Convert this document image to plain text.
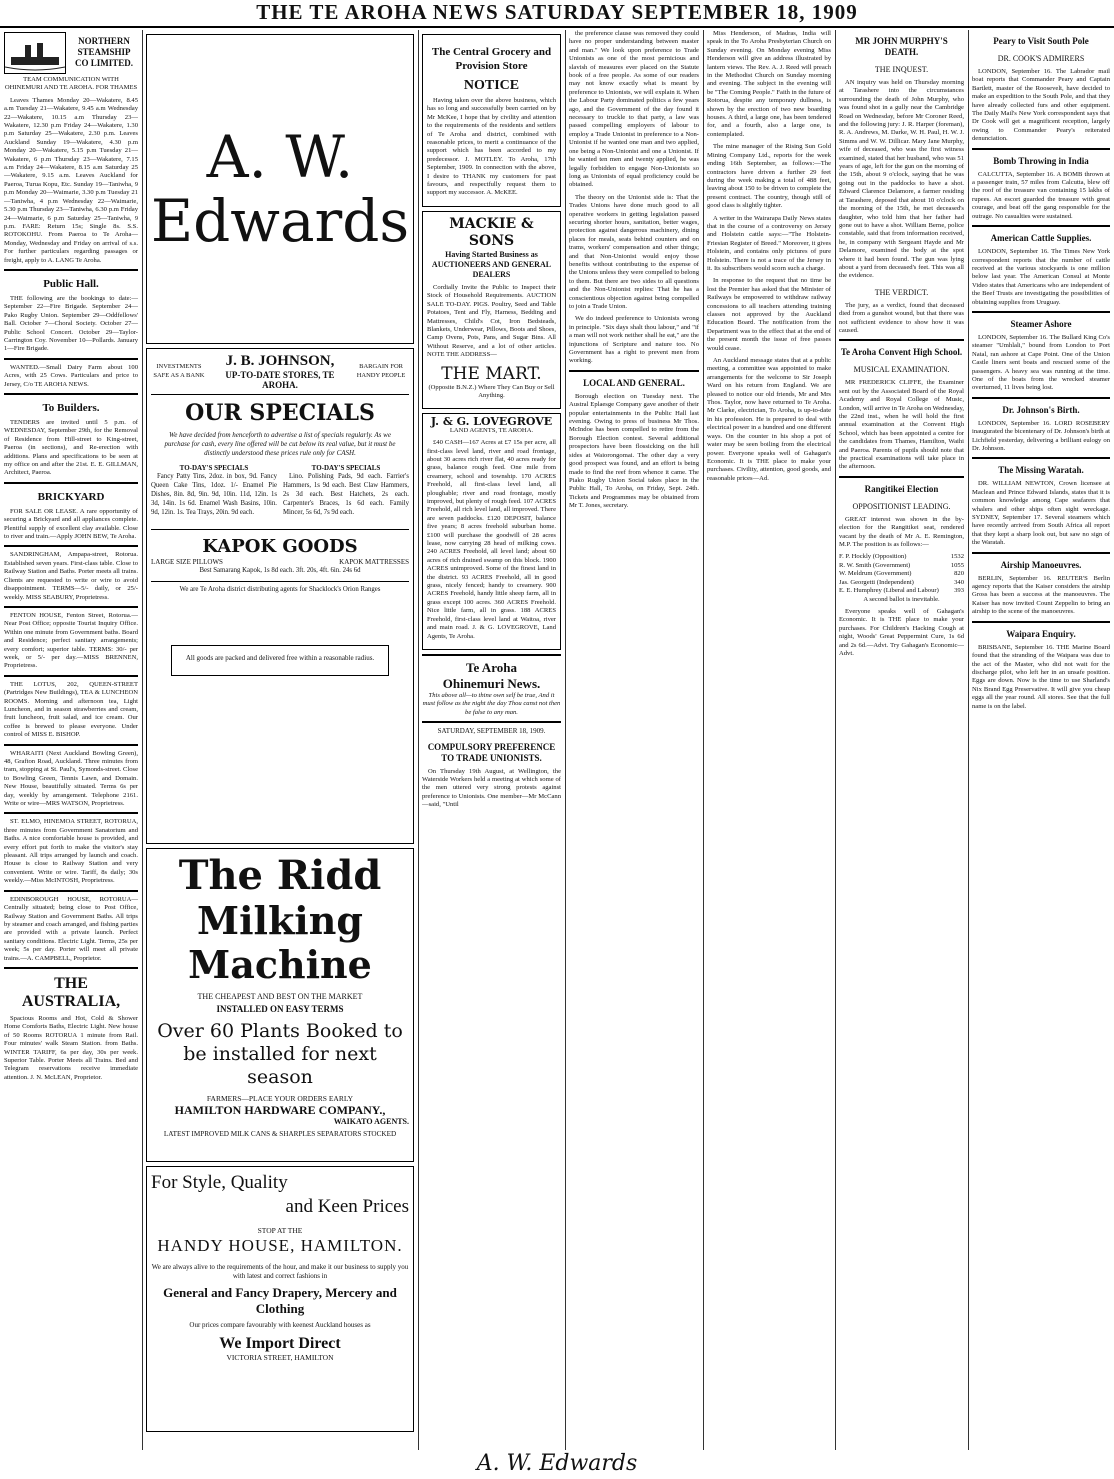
THE TE AROHA NEWS SATURDAY SEPTEMBER 18, 1909
NORTHERN STEAMSHIP CO LIMITED.

TEAM COMMUNICATION WITH OHINEMURI AND TE AROHA. FOR THAMES

Leaves Thames Monday 20—Wakatere, 8.45 a.m Tuesday 21—Wakatere, 9.45 a.m Wednesday 22—Wakatere, 10.15 a.m Thursday 23—Wakatere, 12.30 p.m Friday 24—Wakatere, 1.30 p.m Saturday 25—Wakatere, 2.30 p.m. Leaves Auckland Sunday 19—Wakatere, 4.30 p.m Monday 20—Wakatere, 5.15 p.m Tuesday 21—Wakatere, 6 p.m Thursday 23—Wakatere, 7.15 a.m Friday 24—Wakatere, 8.15 a.m Saturday 25—Wakatere, 9.15 a.m. Leaves Auckland for Paeroa, Turua Kopu, Etc. Sunday 19—Taniwha, 9 p.m Monday 20—Waimarie, 3.30 p.m Tuesday 21—Taniwha, 4 p.m Wednesday 22—Waimarie, 5.30 p.m Thursday 23—Taniwha, 6.30 p.m Friday 24—Waimarie, 6 p.m Saturday 25—Taniwha, 9 p.m. FARE: Return 15s; Single 8s. S.S. ROTOKOHU. From Paeroa to Te Aroha— Monday, Wednesday and Friday on arrival of s.s. For further particulars regarding passages or freight, apply to A. LANG Te Aroha.

Public Hall.

THE following are the bookings to date:— September 22—Fire Brigade. September 24—Pako Rugby Union. September 29—Oddfellows' Ball. October 7—Choral Society. October 27—Public School Concert. October 29—Taylor-Carrington Coy. November 10—Pollards. January 1—Fire Brigade.

WANTED.—Small Dairy Farm about 100 Acres, with 25 Cows. Particulars and price to Jersey, C/o TE AROHA NEWS.

To Builders.

TENDERS are invited until 5 p.m. of WEDNESDAY, September 29th, for the Removal of Residence from Hill-street to King-street, Paeroa (in sections), and Re-erection with additions. Plans and specifications to be seen at my office on and after the 21st. E. E. GILLMAN, Architect, Paeroa.

BRICKYARD

FOR SALE OR LEASE. A rare opportunity of securing a Brickyard and all appliances complete. Plentiful supply of excellent clay available. Close to river and train.—Apply JOHN BEW, Te Aroha.

SANDRINGHAM, Ampapa-street, Rotorua. Established seven years. First-class table. Close to Railway Station and Baths. Porter meets all trains. Clients are requested to write or wire to avoid disappointment. TERMS—5/- daily, or 25/- weekly. MISS SEABURY, Proprietress.

FENTON HOUSE, Fenton Street, Rotorua.—Near Post Office; opposite Tourist Inquiry Office. Within one minute from Government baths. Board and Residence; perfect sanitary arrangements; every comfort; superior table. TERMS: 30/- per week, or 5/- per day.—MISS BRENNEN, Proprietress.

THE LOTUS, 202, QUEEN-STREET (Partridges New Buildings), TEA & LUNCHEON ROOMS. Morning and afternoon tea, Light Luncheon, and in season strawberries and cream, fruit luncheon, fruit salad, and ice cream. Our coffee is brewed to please everyone. Under control of MISS E. BISHOP.

WHARAITI (Next Auckland Bowling Green), 48, Grafton Road, Auckland. Three minutes from tram, stopping at St. Paul's, Symonds-street. Close to Bowling Green, Tennis Lawn, and Domain. New House, beautifully situated. Terms 6s per day, weekly by arrangement. Telephone 2161. Write or wire—MRS WATSON, Proprietress.

ST. ELMO, HINEMOA STREET, ROTORUA, three minutes from Government Sanatorium and Baths. A nice comfortable house is provided, and every effort put forth to make the visitor's stay pleasant. All trips arranged by launch and coach. House is close to Railway Station and very convenient. Write or wire. Tariff, 8s daily; 30s weekly.—Miss McINTOSH, Proprietress.

EDINBOROUGH HOUSE, ROTORUA—Centrally situated; being close to Post Office, Railway Station and Government Baths. All trips by steamer and coach arranged, and fishing parties are provided with a private launch. Perfect sanitary conditions. Electric Light. Terms, 25s per week; 5s per day. Porter will meet all private trains.—A. CAMPBELL, Proprietor.

THE AUSTRALIA,

Spacious Rooms and Hot, Cold & Shower Home Comforts Baths, Electric Light. New house of 50 Rooms ROTORUA 1 minute from Rail. Four minutes' walk Steam Station. from Baths. WINTER TARIFF, 6s per day, 30s per week. Superior Table. Porter Meets all Trains. Bed and Telegram reservations receive immediate attention. J. N. McLEAN, Proprietor.

A. W.
Edwards
INVESTMENTS SAFE AS A BANK
J. B. JOHNSON,
UP-TO-DATE STORES, TE AROHA.
BARGAIN FOR HANDY PEOPLE
OUR SPECIALS

We have decided from henceforth to advertise a list of specials regularly. As we purchase for cash, every line offered will be cut below its real value, but it must be distinctly understood these prices rule only for CASH.

TO-DAY'S SPECIALS

Fancy Patty Tins, 2doz. in box, 9d. Fancy Queen Cake Tins, 1doz. 1/- Enamel Pie Dishes, 8in. 8d, 9in. 9d, 10in. 11d, 12in. 1s 3d, 14in. 1s 6d. Enamel Wash Basins, 10in. 9d, 12in. 1s. Tea Trays, 20in. 9d each.

TO-DAY'S SPECIALS

Lino. Polishing Pads, 9d each. Farrier's Hammers, 1s 9d each. Best Claw Hammers, 2s 3d each. Best Hatchets, 2s each. Carpenter's Braces, 1s 6d each. Family Mincer, 5s 6d, 7s 9d each.

KAPOK GOODS
LARGE SIZE PILLOWS	KAPOK MATTRESSES

Best Samarang Kapok, 1s 8d each. 3ft. 20s, 4ft. 6in. 24s 6d

We are Te Aroha district distributing agents for Shacklock's Orion Ranges

All goods are packed and delivered free within a reasonable radius.

The Ridd
Milking Machine
THE CHEAPEST AND BEST ON THE MARKET
INSTALLED ON EASY TERMS
Over 60 Plants Booked to be installed for next season
FARMERS—PLACE YOUR ORDERS EARLY
HAMILTON HARDWARE COMPANY.,
WAIKATO AGENTS.
LATEST IMPROVED MILK CANS & SHARPLES SEPARATORS STOCKED
For Style, Quality
and Keen Prices
STOP AT THE
HANDY HOUSE, HAMILTON.

We are always alive to the requirements of the hour, and make it our business to supply you with latest and correct fashions in

General and Fancy Drapery, Mercery and Clothing

Our prices compare favourably with keenest Auckland houses as

We Import Direct
VICTORIA STREET, HAMILTON
The Central Grocery and Provision Store
NOTICE

Having taken over the above business, which has so long and successfully been carried on by Mr McKee, I hope that by civility and attention to the requirements of the residents and settlers of Te Aroha and district, combined with reasonable prices, to merit a continuance of the support which has been accorded to my predecessor. J. MOTLEY. To Aroha, 17th September, 1909. In connection with the above, I desire to THANK my customers for past favours, and respectfully request them to support my successor. A. McKEE.

MACKIE & SONS

Having Started Business as AUCTIONEERS AND GENERAL DEALERS

Cordially Invite the Public to Inspect their Stock of Household Requirements. AUCTION SALE TO-DAY. PIGS. Poultry, Seed and Table Potatoes, Tent and Fly, Harness, Bedding and Mattresses, Child's Cot, Iron Bedsteads, Blankets, Underwear, Pillows, Boots and Shoes, Camp Ovens, Pots, Pans, and Sugar Bins. All Without Reserve, and a lot of other articles. NOTE THE ADDRESS—

THE MART.

(Opposite B.N.Z.) Where They Can Buy or Sell Anything.

J. & G. LOVEGROVE

LAND AGENTS, TE AROHA.

£40 CASH—167 Acres at £7 15s per acre, all first-class level land, river and road frontage, about 30 acres rich river flat, 40 acres ready for grass, balance rough feed. One mile from creamery, school and township. 170 ACRES Freehold, all first-class level land, all ploughable; river and road frontage, mostly improved, but plenty of rough feed. 107 ACRES Freehold, all rich level land, all improved. There are seven paddocks. £120 DEPOSIT, balance five years; 8 acres freehold suburban home. £100 will purchase the goodwill of 28 acres lease, now carrying 28 head of milking cows. 240 ACRES Freehold, all level land; about 60 acres of rich drained swamp on this block. 1900 ACRES unimproved. Some of the finest land in the district. 93 ACRES Freehold, all in good grass, nicely fenced; handy to creamery. 900 ACRES Freehold, handy little sheep farm, all in grass except 100 acres. 360 ACRES Freehold. Nice little farm, all in grass. 188 ACRES Freehold, first-class level land at Waitoa, river and main road. J. & G. LOVEGROVE, Land Agents, Te Aroha.

Te Aroha
Ohinemuri News.

This above all—to thine own self be true, And it must follow as the night the day Thou canst not then be false to any man.

SATURDAY, SEPTEMBER 18, 1909.
COMPULSORY PREFERENCE TO TRADE UNIONISTS.

On Thursday 19th August, at Wellington, the Waterside Workers held a meeting at which some of the men uttered very strong protests against preference to Unionists. One member—Mr McCann—said, "Until

the preference clause was removed they could have no proper understanding between master and man." We look upon preference to Trade Unionists as one of the most pernicious and slavish of measures ever placed on the Statute book of a free people. As some of our readers may not know exactly what is meant by preference to Unionists, we will explain it. When the Labour Party dominated politics a few years ago, and the Government of the day found it necessary to truckle to that party, a law was passed compelling employers of labour to employ a Trade Unionist in preference to a Non-Unionist if he wanted one man and two applied, one being a Non-Unionist and one a Unionist. If he wanted ten men and twenty applied, he was legally forbidden to engage Non-Unionists so long as Unionists of equal proficiency could be obtained.

The theory on the Unionist side is: That the Trades Unions have done much good to all operative workers in getting legislation passed securing shorter hours, sanitation, better wages, protection against dangerous machinery, dining places for meals, seats behind counters and on trams, workers' compensation and other things; and that Non-Unionist would enjoy those benefits without contributing to the expense of the Unions unless they were compelled to belong to them. But there are two sides to all questions and the Non-Unionist replies: That he has a conscientious objection against being compelled to join a Trade Union.

We do indeed preference to Unionists wrong in principle. "Six days shalt thou labour," and "if a man will not work neither shall he eat," are the injunctions of Scripture and nature too. No Government has a right to prevent men from working.

LOCAL AND GENERAL.

Borough election on Tuesday next. The Austral Eplaesge Company gave another of their popular entertainments in the Public Hall last evening. Owing to press of business Mr Thos. McIndoe has been compelled to retire from the Borough Election contest. Several additional prospectors have been flossicking on the hill sides at Waiorongomai. The other day a very good prospect was found, and an effort is being made to find the reef from whence it came. The Piako Rugby Union Social takes place in the Public Hall, To Aroha, on Friday, Sept. 24th. Tickets and Programmes may be obtained from Mr T. Jones, secretary.

Miss Henderson, of Madras, India will speak in the To Aroha Presbyterian Church on Sunday evening. On Monday evening Miss Henderson will give an address illustrated by lantern views. The Rev. A. J. Reed will preach in the Methodist Church on Sunday morning and evening. The subject in the evening will be "The Coming People." Faith in the future of Rotorua, despite any temporary dullness, is shown by the erection of two new boarding houses. A third, a large one, has been tendered for, and a fourth, also a large one, is contemplated.

The mine manager of the Rising Sun Gold Mining Company Ltd., reports for the week ending 16th September, as follows:—The contractors have driven a further 29 feet during the week making a total of 488 feet, leaving about 150 to be driven to complete the present contract. The country, though still of good class is slightly tighter.

A writer in the Wairarapa Daily News states that in the course of a controversy on Jersey and Holstein cattle says:—"The Holstein-Friesian Register of Breed." Moreover, it gives Holstein, and contains only pictures of pure Holstein. There is not a trace of the Jersey in it. Its subscribers would scorn such a charge.

In response to the request that no time be lost the Premier has asked that the Minister of Railways be empowered to withdraw railway concessions to all teachers attending training classes not approved by the Auckland Education Board. The notification from the Department was to the effect that at the end of the present month the issue of free passes would cease.

An Auckland message states that at a public meeting, a committee was appointed to make arrangements for the welcome to Sir Joseph Ward on his return from England. We are pleased to notice our old friends, Mr and Mrs Thos. Taylor, now have returned to Te Aroha. Mr Clarke, electrician, To Aroha, is up-to-date in his profession. He is prepared to deal with electrical power in a hundred and one different ways. On the counter in his shop a pot of water may be seen boiling from the electrical power. Everyone speaks well of Gahagan's Economic. It is THE place to make your purchases. Civility, attention, good goods, and reasonable prices—Ad.

MR JOHN MURPHY'S DEATH.
THE INQUEST.

AN inquiry was held on Thursday morning at Tarashere into the circumstances surrounding the death of John Murphy, who was found shot in a gully near the Cambridge Road on Wednesday, before Mr Coroner Reed, and the following jury: J. R. Harper (foreman), R. A. Andrews, M. Darke, W. H. Paul, H. W. J. Simms and W. W. Dillicar. Mary Jane Murphy, wife of deceased, who was the first witness examined, stated that her husband, who was 51 years of age, left for the gun on the morning of the 15th, about 9 o'clock, saying that he was going out in the paddocks to have a shot. Edward Clarence Delamore, a farmer residing at Tarashere, deposed that about 10 o'clock on the morning of the 15th, he met deceased's daughter, who told him that her father had gone out to have a shot. William Berne, police constable, said that from information received, he, in company with Sergeant Hayde and Mr Delamore, examined the body at the spot where it had been found. The gun was lying about a yard from deceased's feet. This was all the evidence.

THE VERDICT.

The jury, as a verdict, found that deceased died from a gunshot wound, but that there was not sufficient evidence to show how it was caused.

Te Aroha Convent High School.
MUSICAL EXAMINATION.

MR FREDERICK CLIFFE, the Examiner sent out by the Associated Board of the Royal Academy and Royal College of Music, London, will arrive in Te Aroha on Wednesday, the 22nd inst., when he will hold the first annual examination at the Convent High School, which has been appointed a centre for the candidates from Thames, Hamilton, Waihi and Paeroa. Parents of pupils should note that the practical examinations will take place in the afternoon.

Rangitikei Election
OPPOSITIONIST LEADING.

GREAT interest was shown in the by-election for the Rangitikei seat, rendered vacant by the death of Mr A. E. Remington, M.P. The position is as follows:—

F. P. Hockly (Opposition)	1532
R. W. Smith (Government)	1055
W. Meldrum (Government)	820
Jas. Georgetti (Independent)	340
E. E. Humphrey (Liberal and Labour) 393

A second ballot is inevitable.

Everyone speaks well of Gahagan's Economic. It is THE place to make your purchases. For Children's Hacking Cough at night, Woods' Great Peppermint Cure, 1s 6d and 2s 6d.—Advt. Try Gahagan's Economic—Advt.

Peary to Visit South Pole
DR. COOK'S ADMIRERS

LONDON, September 16. The Labrador mail boat reports that Commander Peary and Captain Bartlett, master of the Roosevelt, have decided to make an expedition to the South Pole, and that they have already collected furs and other equipment. The Daily Mail's New York correspondent says that Dr Cook will get a magnificent reception, largely owing to Commander Peary's reiterated denunciation.

Bomb Throwing in India

CALCUTTA, September 16. A BOMB thrown at a passenger train, 57 miles from Calcutta, blew off the roof of the treasure van containing 15 lakhs of rupees. An escort guarded the treasure with great courage, and beat off the gang responsible for the outrage. No casualties were sustained.

American Cattle Supplies.

LONDON, September 16. The Times New York correspondent reports that the number of cattle received at the various stockyards is one million below last year. The American Consul at Monte Video states that Americans who are independent of the Beef Trusts are investigating the possibilities of obtaining supplies from Uruguay.

Steamer Ashore

LONDON, September 16. The Bullard King Co's steamer "Umhlali," bound from London to Port Natal, ran ashore at Cape Point. One of the Union Castle liners sent boats and rescued some of the passengers. A heavy sea was running at the time. One of the boats from the wrecked steamer overturned, 11 lives being lost.

Dr. Johnson's Birth.

LONDON, September 16. LORD ROSEBERY inaugurated the bicentenary of Dr. Johnson's birth at Lichfield yesterday, delivering a brilliant eulogy on Dr. Johnson.

The Missing Waratah.

DR. WILLIAM NEWTON, Crown licensee at Maclean and Prince Edward Islands, states that it is common knowledge among Cape seafarers that whalers and other ships often sight wreckage. SYDNEY, September 17. Several steamers which have recently arrived from South Africa all report that they kept a sharp look out, but saw no sign of the Waratah.

Airship Manoeuvres.

BERLIN, September 16. REUTER'S Berlin agency reports that the Kaiser considers the airship Gross has been a success at the manoeuvres. The Kaiser has now invited Count Zeppelin to bring an airship to the scene of the manoeuvres.

Waipara Enquiry.

BRISBANE, September 16. THE Marine Board found that the stranding of the Waipara was due to the act of the Master, who did not wait for the discharge pilot, who left her in an unsafe position. Eggs are down. Now is the time to use Sharland's Nix Brand Egg Preservative. It will give you cheap eggs all the year round. All stores. See that the full name is on the label.

A. W. Edwards
